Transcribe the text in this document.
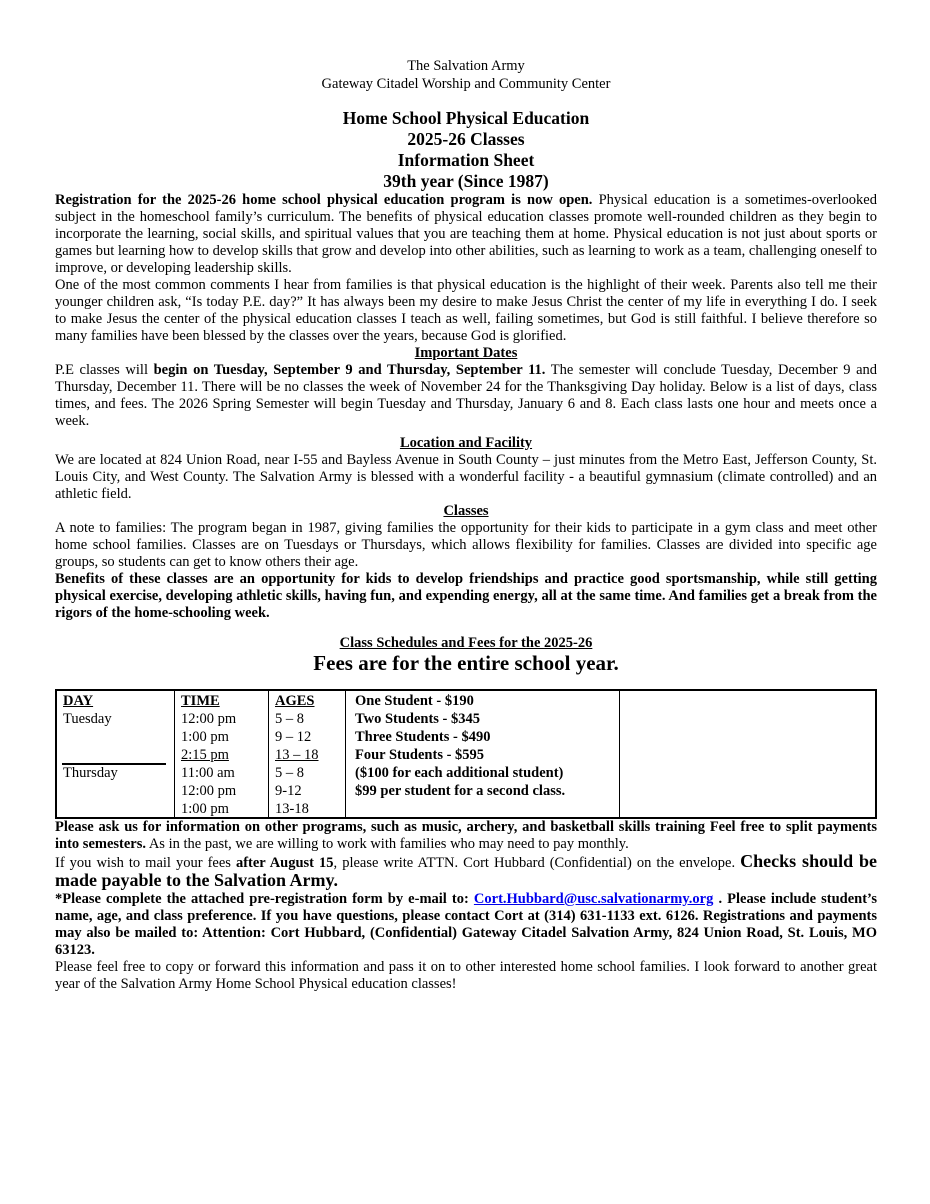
The Salvation Army
Gateway Citadel Worship and Community Center
Home School Physical Education
2025-26 Classes
Information Sheet
39th year (Since 1987)

Registration for the 2025-26 home school physical education program is now open. Physical education is a sometimes-overlooked subject in the homeschool family’s curriculum. The benefits of physical education classes promote well-rounded children as they begin to incorporate the learning, social skills, and spiritual values that you are teaching them at home. Physical education is not just about sports or games but learning how to develop skills that grow and develop into other abilities, such as learning to work as a team, challenging oneself to improve, or developing leadership skills.

One of the most common comments I hear from families is that physical education is the highlight of their week. Parents also tell me their younger children ask, “Is today P.E. day?” It has always been my desire to make Jesus Christ the center of my life in everything I do. I seek to make Jesus the center of the physical education classes I teach as well, failing sometimes, but God is still faithful. I believe therefore so many families have been blessed by the classes over the years, because God is glorified.

Important Dates

P.E classes will begin on Tuesday, September 9 and Thursday, September 11. The semester will conclude Tuesday, December 9 and Thursday, December 11. There will be no classes the week of November 24 for the Thanksgiving Day holiday. Below is a list of days, class times, and fees. The 2026 Spring Semester will begin Tuesday and Thursday, January 6 and 8. Each class lasts one hour and meets once a week.

Location and Facility

We are located at 824 Union Road, near I-55 and Bayless Avenue in South County – just minutes from the Metro East, Jefferson County, St. Louis City, and West County. The Salvation Army is blessed with a wonderful facility - a beautiful gymnasium (climate controlled) and an athletic field.

Classes

A note to families: The program began in 1987, giving families the opportunity for their kids to participate in a gym class and meet other home school families. Classes are on Tuesdays or Thursdays, which allows flexibility for families. Classes are divided into specific age groups, so students can get to know others their age.

Benefits of these classes are an opportunity for kids to develop friendships and practice good sportsmanship, while still getting physical exercise, developing athletic skills, having fun, and expending energy, all at the same time. And families get a break from the rigors of the home-schooling week.

Class Schedules and Fees for the 2025-26

Fees are for the entire school year.

DAY
Tuesday
Thursday
TIME
12:00 pm
1:00 pm
2:15 pm
11:00 am
12:00 pm
1:00 pm
AGES
5 – 8
9 – 12
13 – 18
5 – 8
9-12
13-18
One Student - $190
Two Students - $345
Three Students - $490
Four Students - $595
($100 for each additional student)
$99 per student for a second class.

Please ask us for information on other programs, such as music, archery, and basketball skills training Feel free to split payments into semesters. As in the past, we are willing to work with families who may need to pay monthly.

If you wish to mail your fees after August 15, please write ATTN. Cort Hubbard (Confidential) on the envelope. Checks should be made payable to the Salvation Army.

*Please complete the attached pre-registration form by e-mail to: Cort.Hubbard@usc.salvationarmy.org . Please include student’s name, age, and class preference. If you have questions, please contact Cort at (314) 631-1133 ext. 6126. Registrations and payments may also be mailed to: Attention: Cort Hubbard, (Confidential) Gateway Citadel Salvation Army, 824 Union Road, St. Louis, MO 63123.

Please feel free to copy or forward this information and pass it on to other interested home school families. I look forward to another great year of the Salvation Army Home School Physical education classes!
